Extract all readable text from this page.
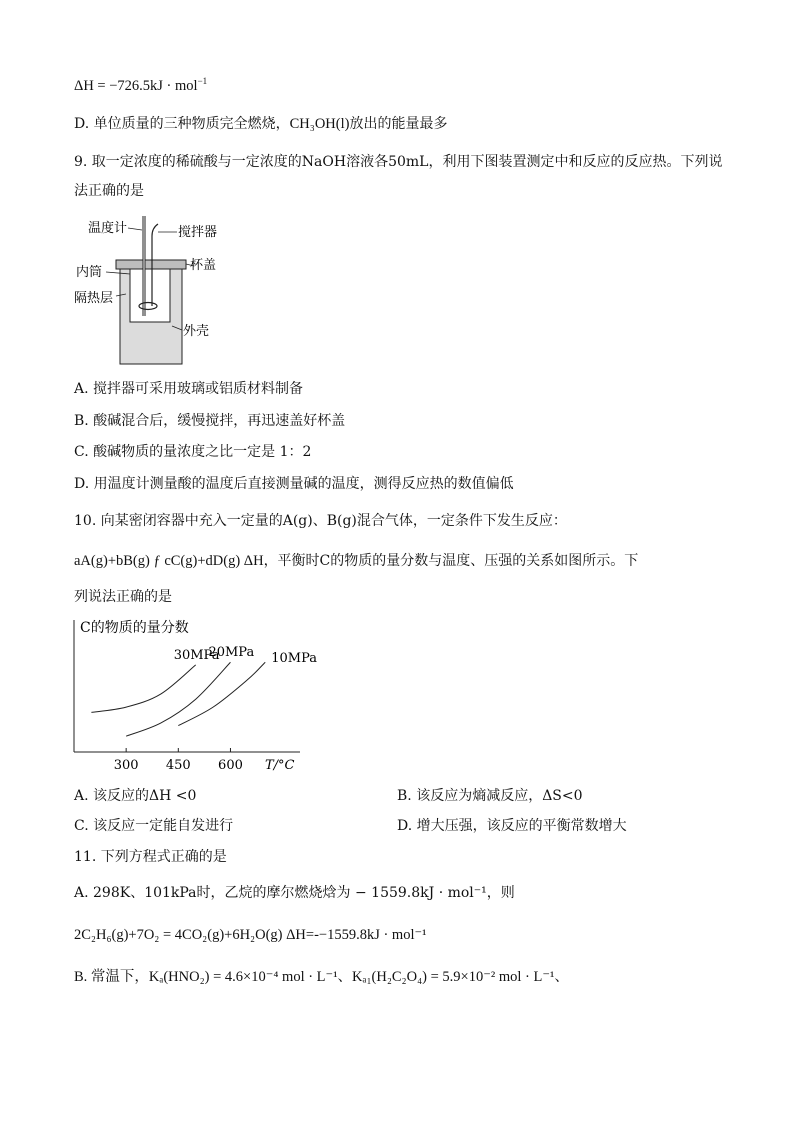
ΔH = −726.5kJ · mol$^{-1}$
D. 单位质量的三种物质完全燃烧，CH₃OH(l)放出的能量最多
9. 取一定浓度的稀硫酸与一定浓度的NaOH溶液各50mL，利用下图装置测定中和反应的反应热。下列说
法正确的是
温度计	搅拌器
杯盖
内筒
隔热层
外壳
A. 搅拌器可采用玻璃或铝质材料制备
B. 酸碱混合后，缓慢搅拌，再迅速盖好杯盖
C. 酸碱物质的量浓度之比一定是 1：2
D. 用温度计测量酸的温度后直接测量碱的温度，测得反应热的数值偏低
10. 向某密闭容器中充入一定量的A(g)、B(g)混合气体，一定条件下发生反应：
aA(g)+bB(g) ƒ cC(g)+dD(g) ΔH，平衡时C的物质的量分数与温度、压强的关系如图所示。下
列说法正确的是
C的物质的量分数
T/°C
300 450 600
30MPa
20MPa 10MPa
A. 该反应的ΔH <0	B. 该反应为熵减反应，ΔS<0
C. 该反应一定能自发进行	D. 增大压强，该反应的平衡常数增大
11. 下列方程式正确的是
A. 298K、101kPa时，乙烷的摩尔燃烧焓为 − 1559.8kJ · mol⁻¹，则
2C₂H₆(g)+7O₂ = 4CO₂(g)+6H₂O(g) ΔH=-−1559.8kJ · mol⁻¹
B. 常温下，Kₐ(HNO₂) = 4.6×10⁻⁴ mol · L⁻¹、Kₐ₁(H₂C₂O₄) = 5.9×10⁻² mol · L⁻¹、
